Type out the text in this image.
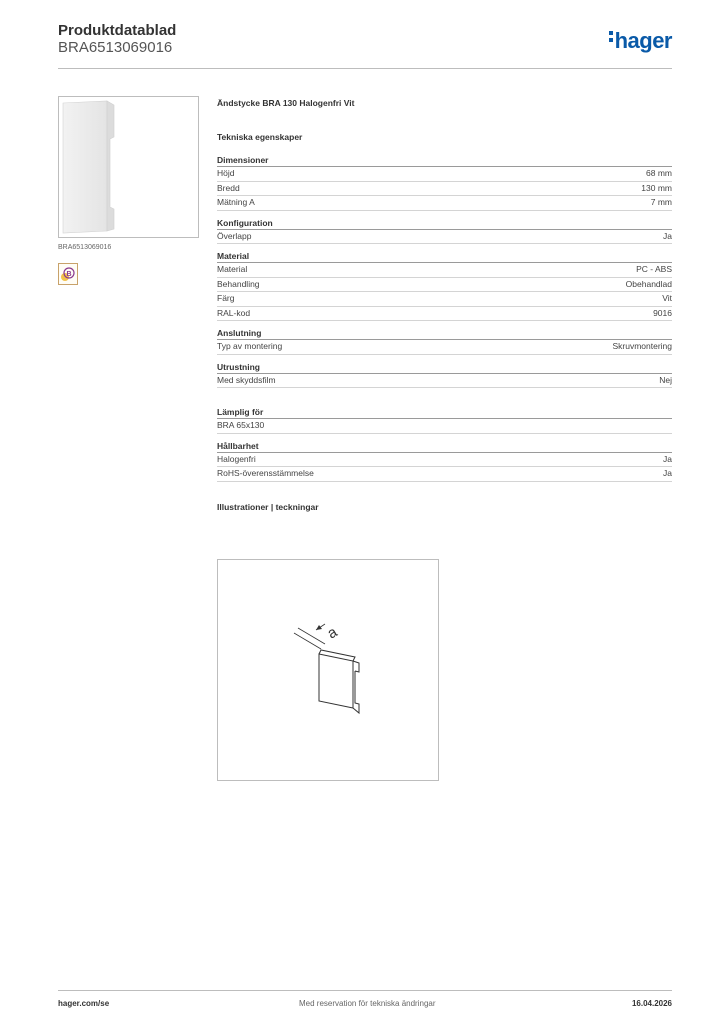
Produktdatablad
BRA6513069016	hager
BRA6513069016
B
Ändstycke BRA 130 Halogenfri Vit
Tekniska egenskaper
Dimensioner
Höjd	68 mm
Bredd	130 mm
Mätning A	7 mm
Konfiguration
Överlapp	Ja
Material
Material	PC - ABS
Behandling	Obehandlad
Färg	Vit
RAL-kod	9016
Anslutning
Typ av montering	Skruvmontering
Utrustning
Med skyddsfilm	Nej
Lämplig för
BRA 65x130
Hållbarhet
Halogenfri	Ja
RoHS-överensstämmelse	Ja
Illustrationer | teckningar
a
hager.com/se	Med reservation för tekniska ändringar	16.04.2026
